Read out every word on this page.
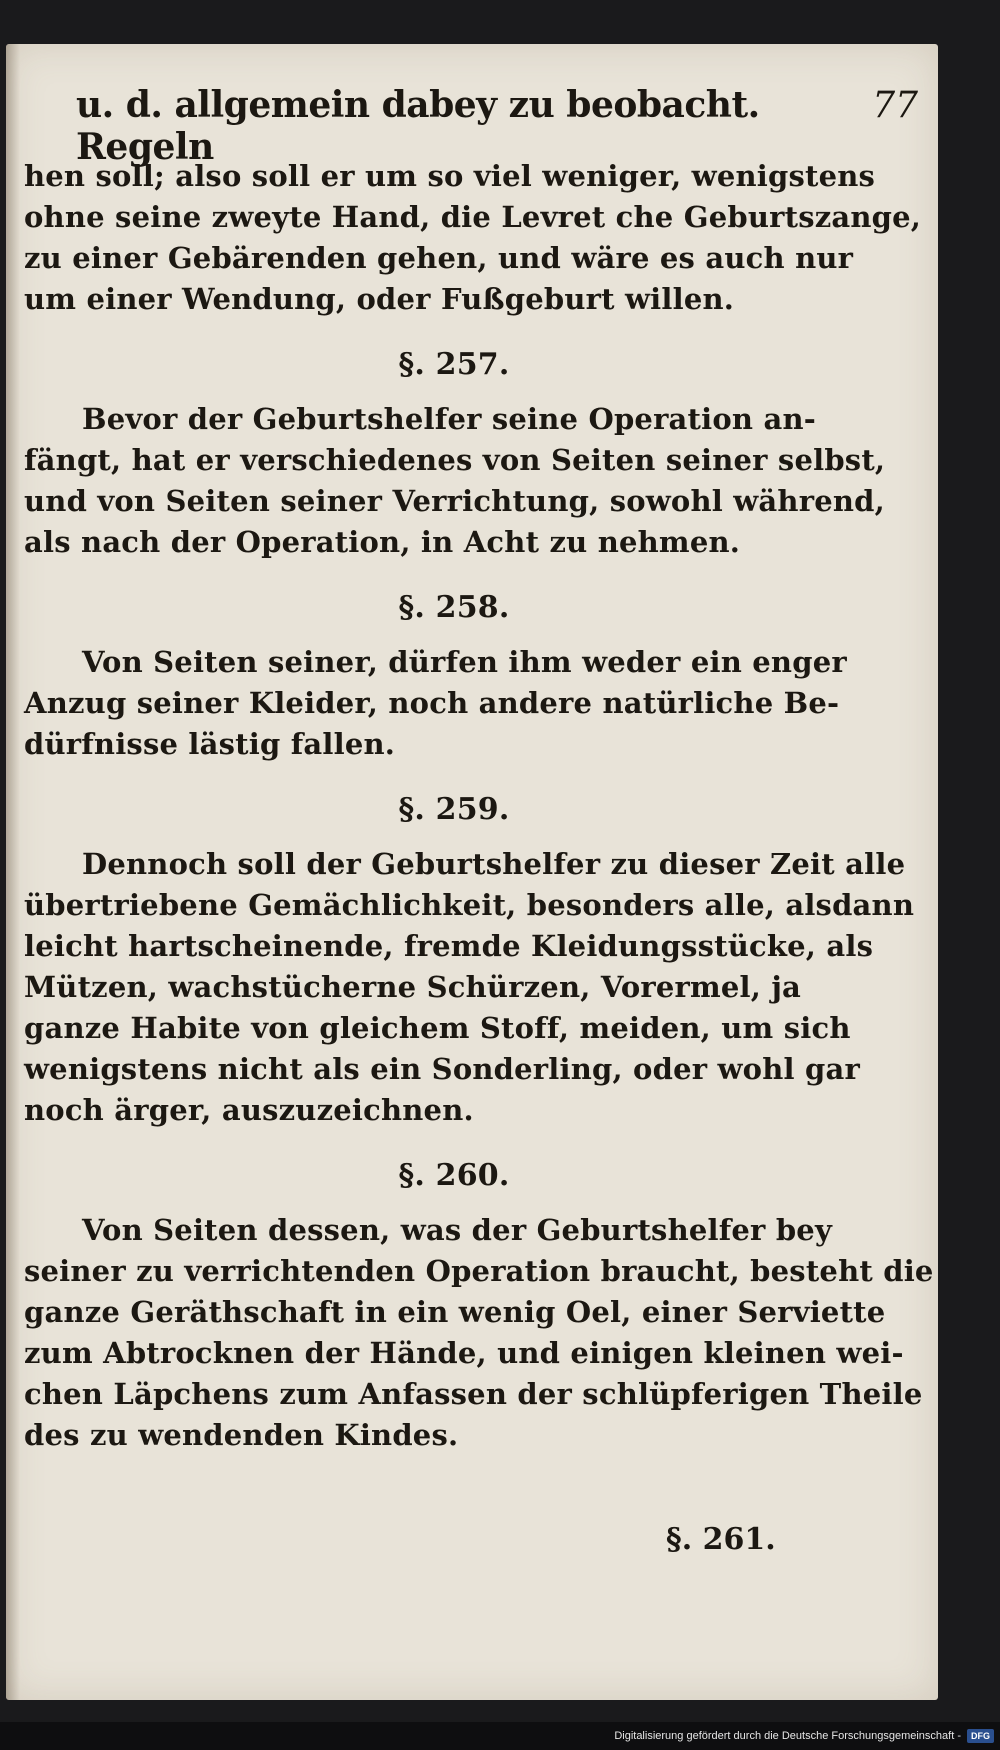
u. d. allgemein dabey zu beobacht. Regeln
77
hen soll; also soll er um so viel weniger, wenigstens
ohne seine zweyte Hand, die Levret che Geburtszange,
zu einer Gebärenden gehen, und wäre es auch nur
um einer Wendung, oder Fußgeburt willen.
§. 257.
Bevor der Geburtshelfer seine Operation an-
fängt, hat er verschiedenes von Seiten seiner selbst,
und von Seiten seiner Verrichtung, sowohl während,
als nach der Operation, in Acht zu nehmen.
§. 258.
Von Seiten seiner, dürfen ihm weder ein enger
Anzug seiner Kleider, noch andere natürliche Be-
dürfnisse lästig fallen.
§. 259.
Dennoch soll der Geburtshelfer zu dieser Zeit alle
übertriebene Gemächlichkeit, besonders alle, alsdann
leicht hartscheinende, fremde Kleidungsstücke, als
Mützen, wachstücherne Schürzen, Vorermel, ja
ganze Habite von gleichem Stoff, meiden, um sich
wenigstens nicht als ein Sonderling, oder wohl gar
noch ärger, auszuzeichnen.
§. 260.
Von Seiten dessen, was der Geburtshelfer bey
seiner zu verrichtenden Operation braucht, besteht die
ganze Geräthschaft in ein wenig Oel, einer Serviette
zum Abtrocknen der Hände, und einigen kleinen wei-
chen Läpchens zum Anfassen der schlüpferigen Theile
des zu wendenden Kindes.
§. 261.
Digitalisierung gefördert durch die Deutsche Forschungsgemeinschaft -	DFG
